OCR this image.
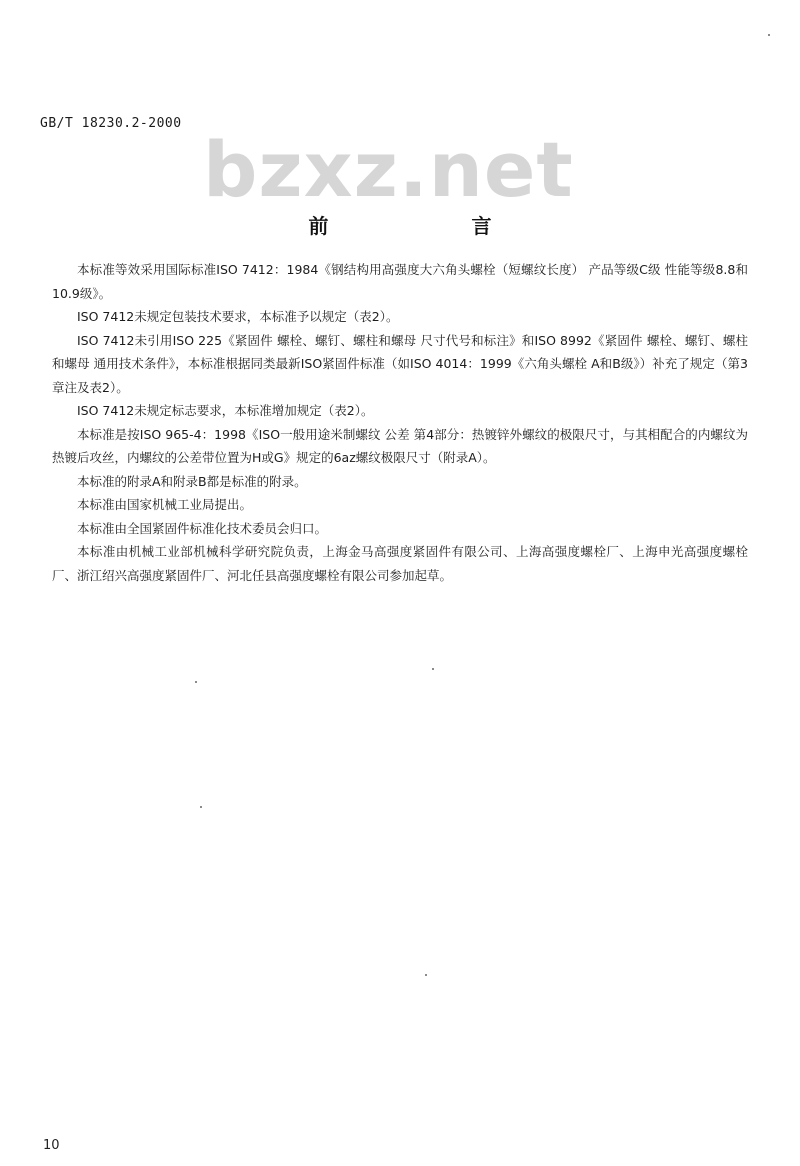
GB/T 18230.2-2000
bzxz.net
前 言

本标准等效采用国际标准ISO 7412：1984《钢结构用高强度大六角头螺栓（短螺纹长度） 产品等级C级 性能等级8.8和10.9级》。

ISO 7412未规定包装技术要求，本标准予以规定（表2）。

ISO 7412未引用ISO 225《紧固件 螺栓、螺钉、螺柱和螺母 尺寸代号和标注》和ISO 8992《紧固件 螺栓、螺钉、螺柱和螺母 通用技术条件》，本标准根据同类最新ISO紧固件标准（如ISO 4014：1999《六角头螺栓 A和B级》）补充了规定（第3章注及表2）。

ISO 7412未规定标志要求，本标准增加规定（表2）。

本标准是按ISO 965-4：1998《ISO一般用途米制螺纹 公差 第4部分：热镀锌外螺纹的极限尺寸，与其相配合的内螺纹为热镀后攻丝，内螺纹的公差带位置为H或G》规定的6az螺纹极限尺寸（附录A）。

本标准的附录A和附录B都是标准的附录。

本标准由国家机械工业局提出。

本标准由全国紧固件标准化技术委员会归口。

本标准由机械工业部机械科学研究院负责，上海金马高强度紧固件有限公司、上海高强度螺栓厂、上海申光高强度螺栓厂、浙江绍兴高强度紧固件厂、河北任县高强度螺栓有限公司参加起草。

10
